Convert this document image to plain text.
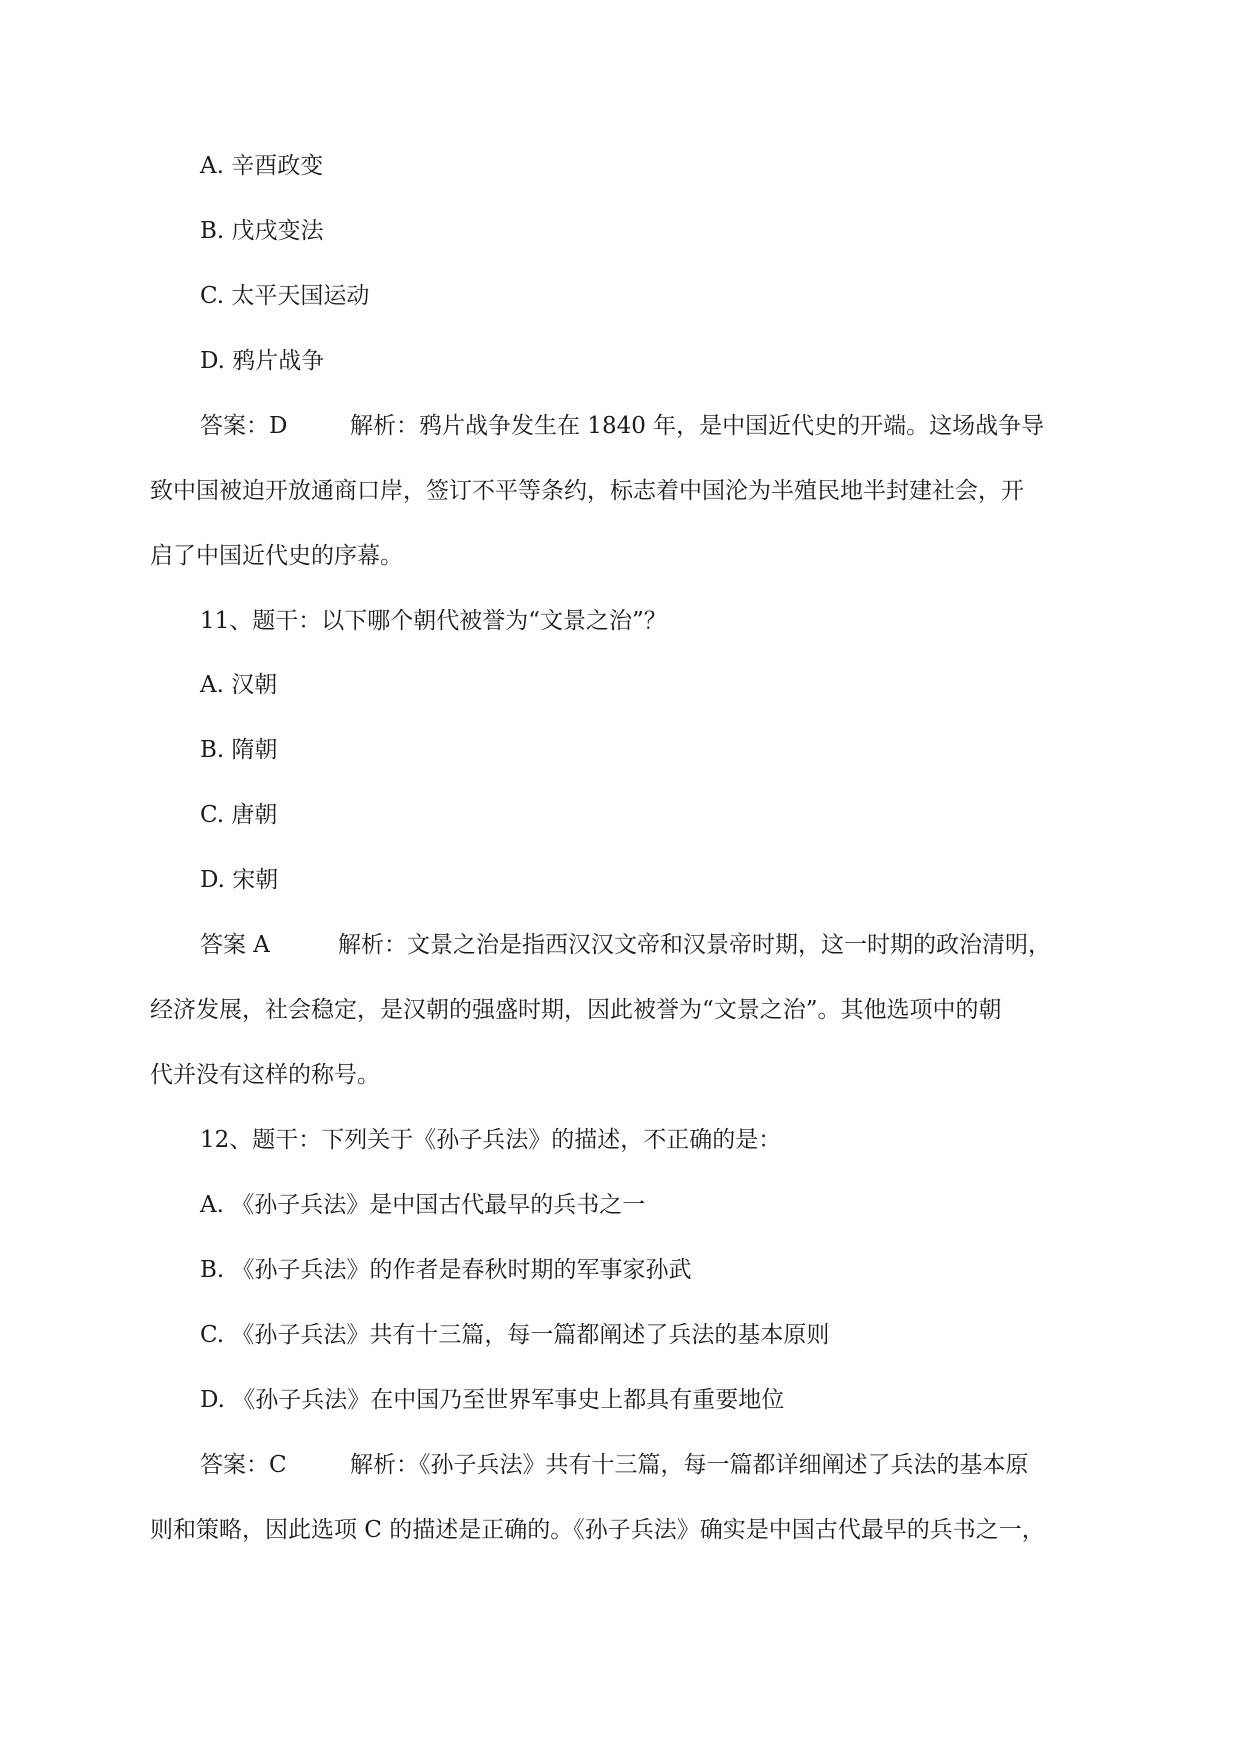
A. 辛酉政变
B. 戊戌变法
C. 太平天国运动
D. 鸦片战争
答案：D	解析：鸦片战争发生在 1840 年，是中国近代史的开端。这场战争导
致中国被迫开放通商口岸，签订不平等条约，标志着中国沦为半殖民地半封建社会，开
启了中国近代史的序幕。
11、题干：以下哪个朝代被誉为“文景之治”？
A. 汉朝
B. 隋朝
C. 唐朝
D. 宋朝
答案 A	解析：文景之治是指西汉汉文帝和汉景帝时期，这一时期的政治清明，
经济发展，社会稳定，是汉朝的强盛时期，因此被誉为“文景之治”。其他选项中的朝
代并没有这样的称号。
12、题干：下列关于《孙子兵法》的描述，不正确的是：
A. 《孙子兵法》是中国古代最早的兵书之一
B. 《孙子兵法》的作者是春秋时期的军事家孙武
C. 《孙子兵法》共有十三篇，每一篇都阐述了兵法的基本原则
D. 《孙子兵法》在中国乃至世界军事史上都具有重要地位
答案：C	解析：《孙子兵法》共有十三篇，每一篇都详细阐述了兵法的基本原
则和策略，因此选项 C 的描述是正确的。《孙子兵法》确实是中国古代最早的兵书之一，
